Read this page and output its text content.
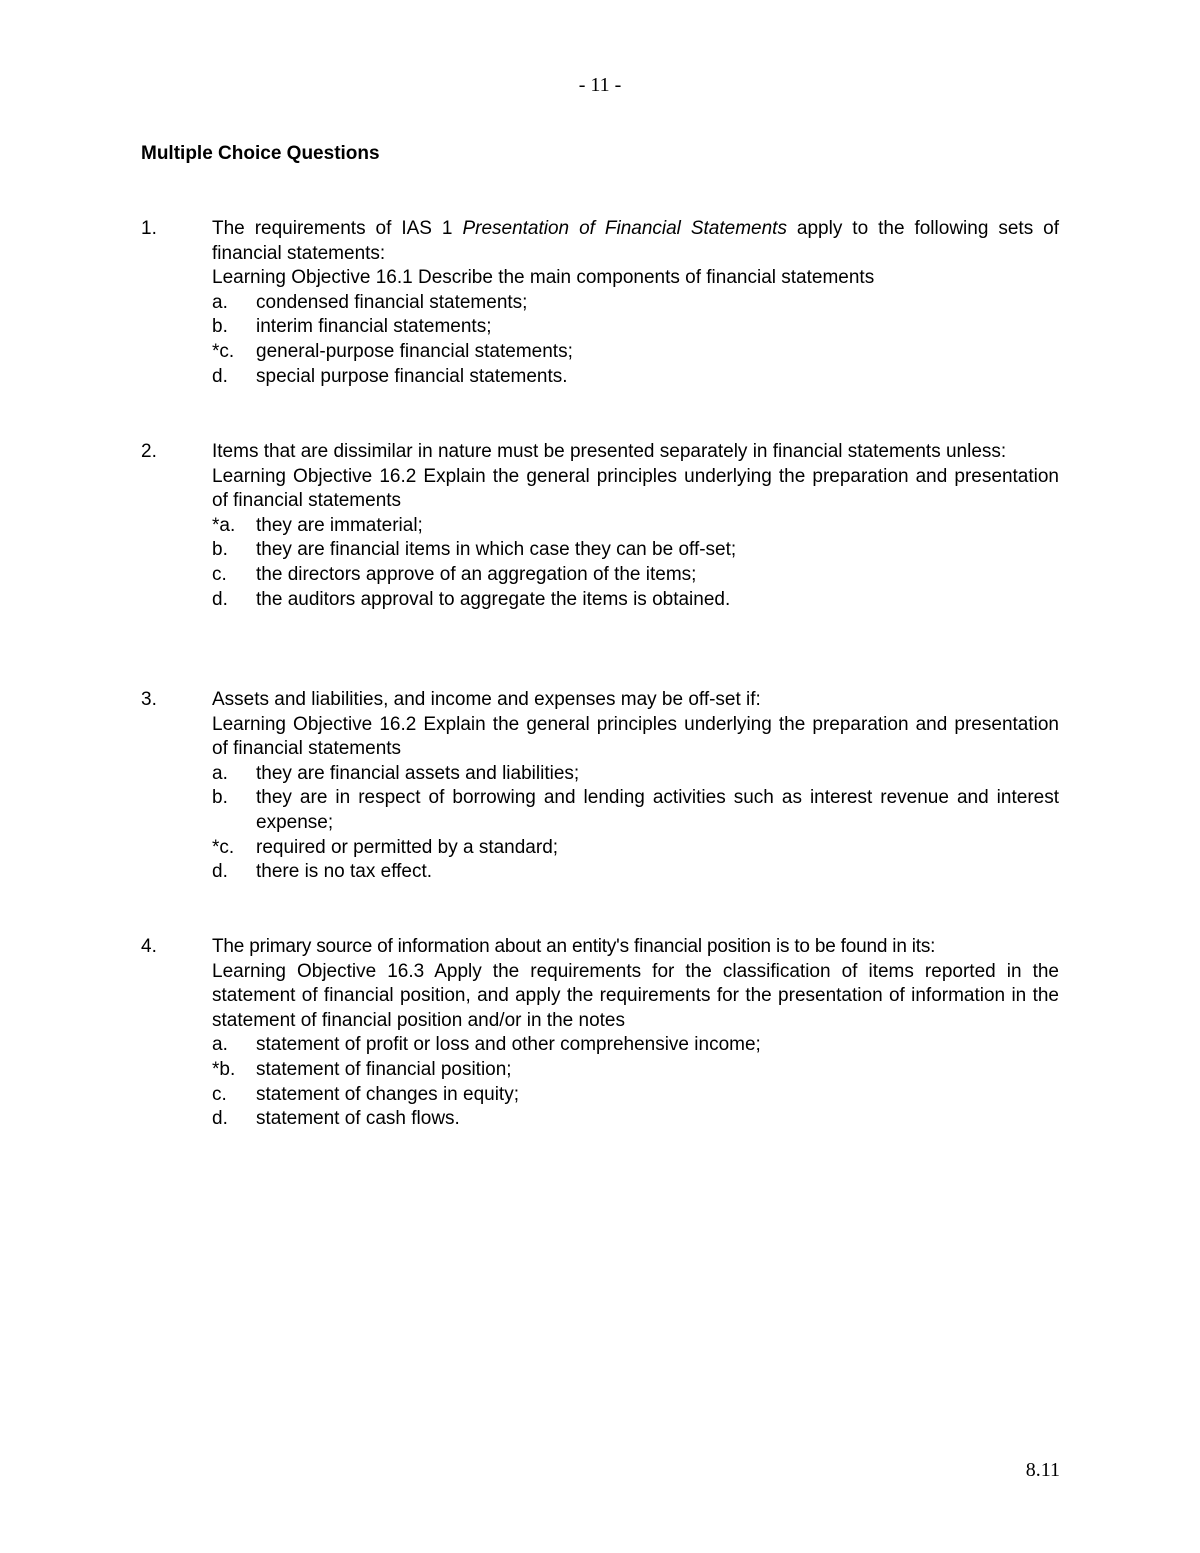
- 11 -
Multiple Choice Questions
1.	The requirements of IAS 1 Presentation of Financial Statements apply to the following sets of financial statements:
Learning Objective 16.1 Describe the main components of financial statements
a.	condensed financial statements;
b.	interim financial statements;
*c.	general-purpose financial statements;
d.	special purpose financial statements.
2.	Items that are dissimilar in nature must be presented separately in financial statements unless:
Learning Objective 16.2 Explain the general principles underlying the preparation and presentation of financial statements
*a.	they are immaterial;
b.	they are financial items in which case they can be off-set;
c.	the directors approve of an aggregation of the items;
d.	the auditors approval to aggregate the items is obtained.
3.	Assets and liabilities, and income and expenses may be off-set if:
Learning Objective 16.2 Explain the general principles underlying the preparation and presentation of financial statements
a.	they are financial assets and liabilities;
b.	they are in respect of borrowing and lending activities such as interest revenue and interest expense;
*c.	required or permitted by a standard;
d.	there is no tax effect.
4.	The primary source of information about an entity's financial position is to be found in its:
Learning Objective 16.3 Apply the requirements for the classification of items reported in the statement of financial position, and apply the requirements for the presentation of information in the statement of financial position and/or in the notes
a.	statement of profit or loss and other comprehensive income;
*b.	statement of financial position;
c.	statement of changes in equity;
d.	statement of cash flows.
8.11
